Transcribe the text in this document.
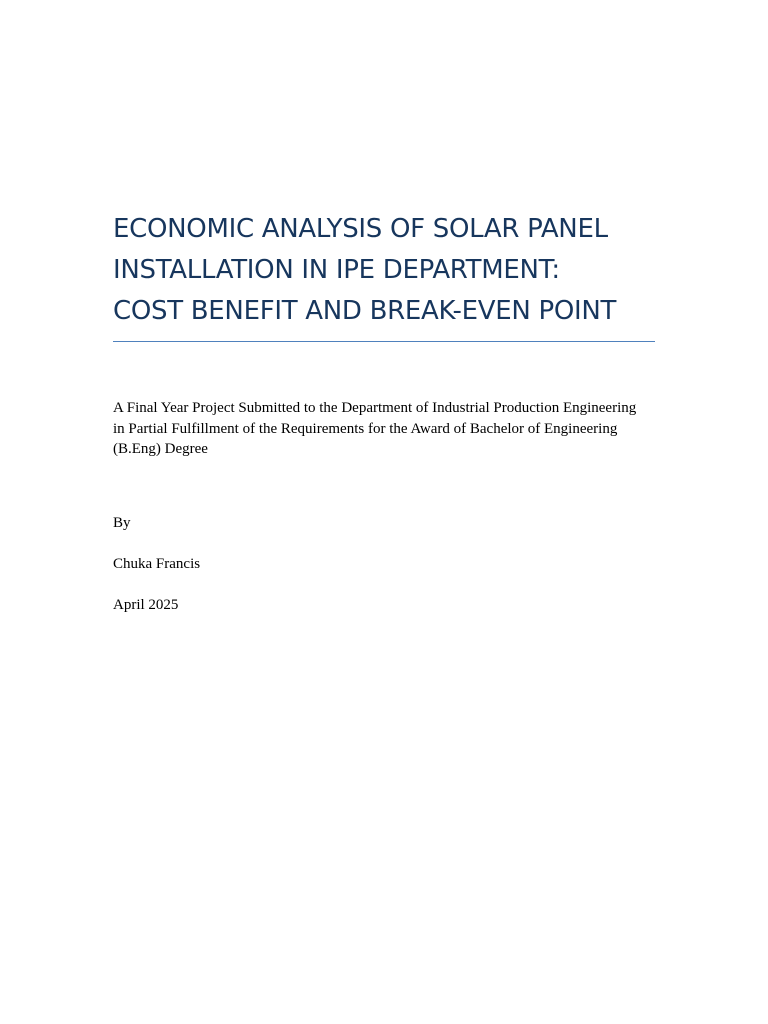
ECONOMIC ANALYSIS OF SOLAR PANEL
INSTALLATION IN IPE DEPARTMENT:
COST BENEFIT AND BREAK-EVEN POINT
A Final Year Project Submitted to the Department of Industrial Production Engineering
in Partial Fulfillment of the Requirements for the Award of Bachelor of Engineering
(B.Eng) Degree
By
Chuka Francis
April 2025
